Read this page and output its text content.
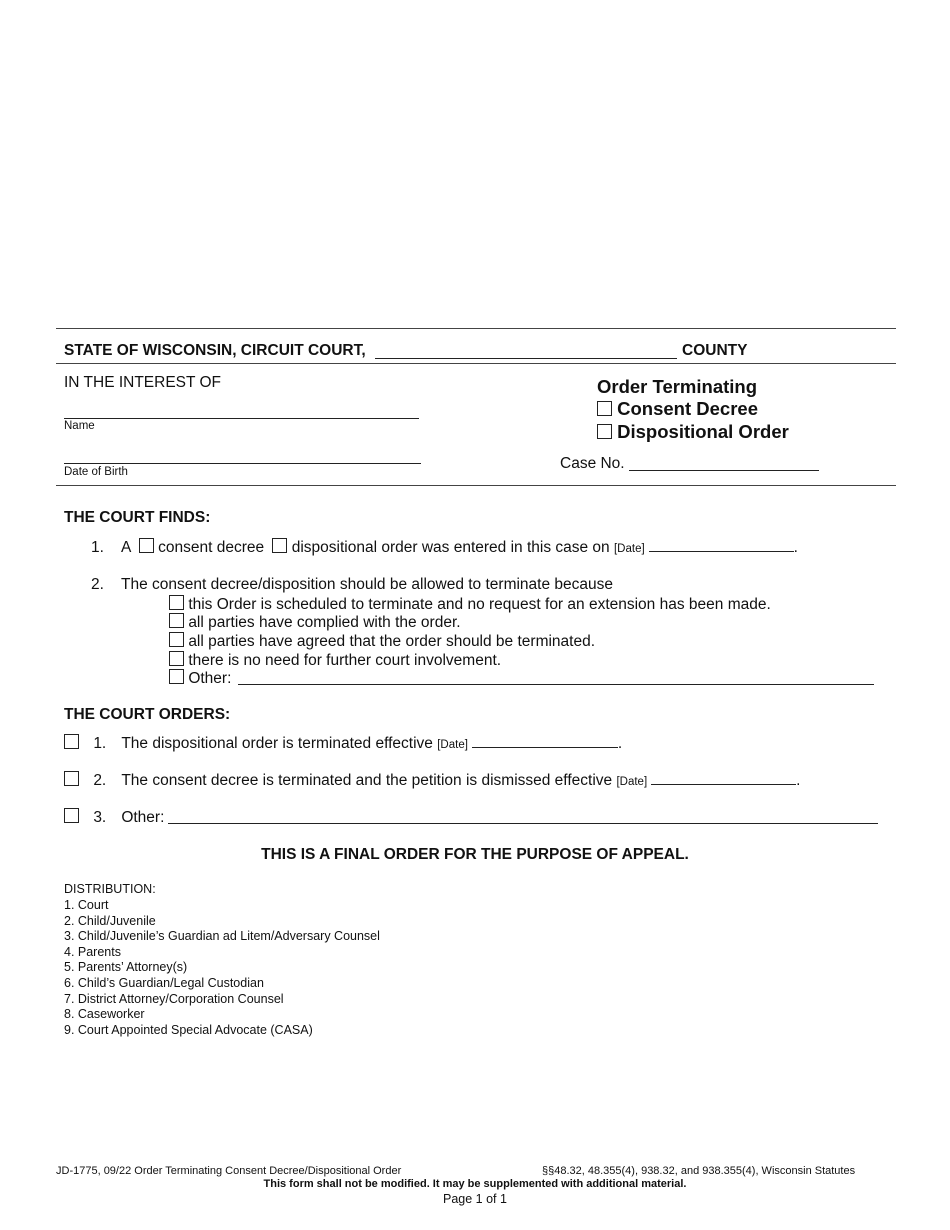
STATE OF WISCONSIN, CIRCUIT COURT,	COUNTY
IN THE INTEREST OF
Name
Date of Birth
Order Terminating
Consent Decree
Dispositional Order
Case No.
THE COURT FINDS:
1. A consent decree dispositional order was entered in this case on [Date]	.
2. The consent decree/disposition should be allowed to terminate because
this Order is scheduled to terminate and no request for an extension has been made.
all parties have complied with the order.
all parties have agreed that the order should be terminated.
there is no need for further court involvement.
Other:
THE COURT ORDERS:
1. The dispositional order is terminated effective [Date]	.
2. The consent decree is terminated and the petition is dismissed effective [Date]	.
3. Other:
THIS IS A FINAL ORDER FOR THE PURPOSE OF APPEAL.
DISTRIBUTION:
1. Court
2. Child/Juvenile
3. Child/Juvenile’s Guardian ad Litem/Adversary Counsel
4. Parents
5. Parents’ Attorney(s)
6. Child’s Guardian/Legal Custodian
7. District Attorney/Corporation Counsel
8. Caseworker
9. Court Appointed Special Advocate (CASA)
JD-1775, 09/22 Order Terminating Consent Decree/Dispositional Order	§§48.32, 48.355(4), 938.32, and 938.355(4), Wisconsin Statutes
This form shall not be modified. It may be supplemented with additional material.
Page 1 of 1
